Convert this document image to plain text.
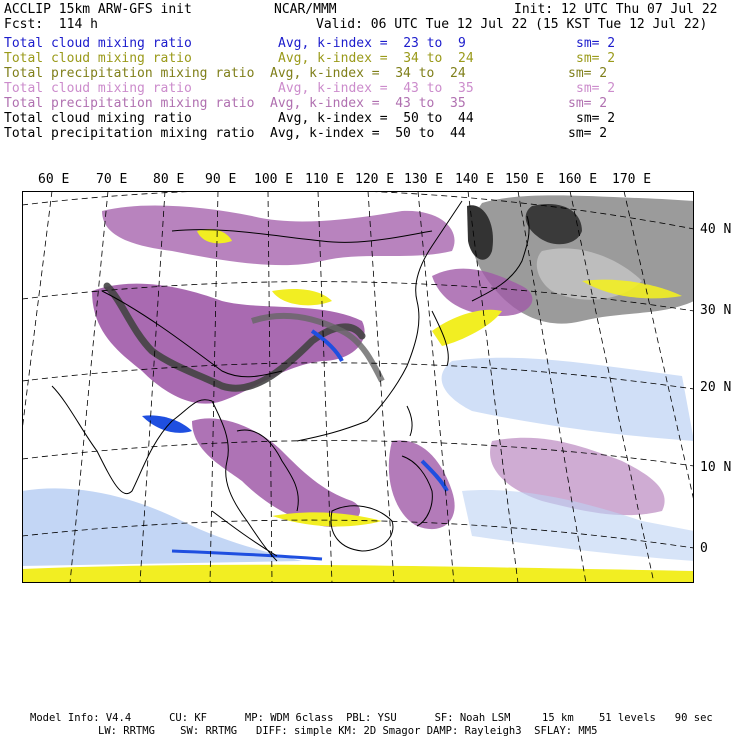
ACCLIP 15km ARW-GFS init	NCAR/MMM	Init: 12 UTC Thu 07 Jul 22
Fcst:  114 h	Valid: 06 UTC Tue 12 Jul 22 (15 KST Tue 12 Jul 22)
Total cloud mixing ratio	Avg, k-index =  23 to  9	sm= 2
Total cloud mixing ratio	Avg, k-index =  34 to  24	sm= 2
Total precipitation mixing ratio Avg, k-index =  34 to  24	sm= 2
Total cloud mixing ratio	Avg, k-index =  43 to  35	sm= 2
Total precipitation mixing ratio Avg, k-index =  43 to  35	sm= 2
Total cloud mixing ratio	Avg, k-index =  50 to  44	sm= 2
Total precipitation mixing ratio Avg, k-index =  50 to  44	sm= 2
60 E 70 E 80 E 90 E 100 E 110 E 120 E 130 E 140 E 150 E 160 E 170 E
40 N
30 N
20 N
10 N
0
Model Info: V4.4      CU: KF      MP: WDM 6class  PBL: YSU      SF: Noah LSM     15 km    51 levels   90 sec
LW: RRTMG    SW: RRTMG   DIFF: simple KM: 2D Smagor DAMP: Rayleigh3  SFLAY: MM5
